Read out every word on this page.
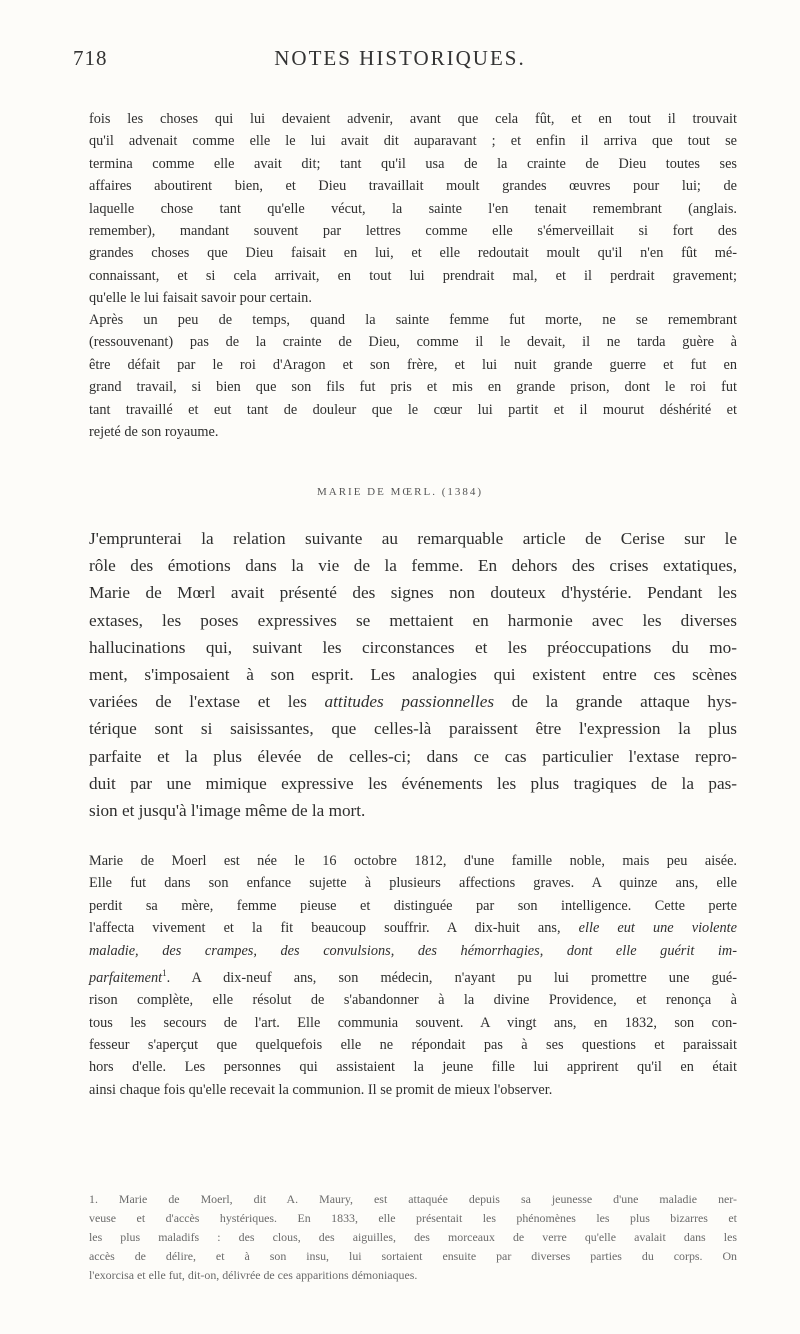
718	NOTES HISTORIQUES.
fois les choses qui lui devaient advenir, avant que cela fût, et en tout il trouvait
qu'il advenait comme elle le lui avait dit auparavant ; et enfin il arriva que tout se
termina comme elle avait dit; tant qu'il usa de la crainte de Dieu toutes ses
affaires aboutirent bien, et Dieu travaillait moult grandes œuvres pour lui; de
laquelle chose tant qu'elle vécut, la sainte l'en tenait remembrant (anglais.
remember), mandant souvent par lettres comme elle s'émerveillait si fort des
grandes choses que Dieu faisait en lui, et elle redoutait moult qu'il n'en fût mé-
connaissant, et si cela arrivait, en tout lui prendrait mal, et il perdrait gravement;
qu'elle le lui faisait savoir pour certain.
Après un peu de temps, quand la sainte femme fut morte, ne se remembrant
(ressouvenant) pas de la crainte de Dieu, comme il le devait, il ne tarda guère à
être défait par le roi d'Aragon et son frère, et lui nuit grande guerre et fut en
grand travail, si bien que son fils fut pris et mis en grande prison, dont le roi fut
tant travaillé et eut tant de douleur que le cœur lui partit et il mourut déshérité et
rejeté de son royaume.
MARIE DE MŒRL. (1384)
J'emprunterai la relation suivante au remarquable article de Cerise sur le
rôle des émotions dans la vie de la femme. En dehors des crises extatiques,
Marie de Mœrl avait présenté des signes non douteux d'hystérie. Pendant les
extases, les poses expressives se mettaient en harmonie avec les diverses
hallucinations qui, suivant les circonstances et les préoccupations du mo-
ment, s'imposaient à son esprit. Les analogies qui existent entre ces scènes
variées de l'extase et les attitudes passionnelles de la grande attaque hys-
térique sont si saisissantes, que celles-là paraissent être l'expression la plus
parfaite et la plus élevée de celles-ci; dans ce cas particulier l'extase repro-
duit par une mimique expressive les événements les plus tragiques de la pas-
sion et jusqu'à l'image même de la mort.
Marie de Moerl est née le 16 octobre 1812, d'une famille noble, mais peu aisée.
Elle fut dans son enfance sujette à plusieurs affections graves. A quinze ans, elle
perdit sa mère, femme pieuse et distinguée par son intelligence. Cette perte
l'affecta vivement et la fit beaucoup souffrir. A dix-huit ans, elle eut une violente
maladie, des crampes, des convulsions, des hémorrhagies, dont elle guérit im-
parfaitement$^1$. A dix-neuf ans, son médecin, n'ayant pu lui promettre une gué-
rison complète, elle résolut de s'abandonner à la divine Providence, et renonça à
tous les secours de l'art. Elle communia souvent. A vingt ans, en 1832, son con-
fesseur s'aperçut que quelquefois elle ne répondait pas à ses questions et paraissait
hors d'elle. Les personnes qui assistaient la jeune fille lui apprirent qu'il en était
ainsi chaque fois qu'elle recevait la communion. Il se promit de mieux l'observer.
1. Marie de Moerl, dit A. Maury, est attaquée depuis sa jeunesse d'une maladie ner-
veuse et d'accès hystériques. En 1833, elle présentait les phénomènes les plus bizarres et
les plus maladifs : des clous, des aiguilles, des morceaux de verre qu'elle avalait dans les
accès de délire, et à son insu, lui sortaient ensuite par diverses parties du corps. On
l'exorcisa et elle fut, dit-on, délivrée de ces apparitions démoniaques.
